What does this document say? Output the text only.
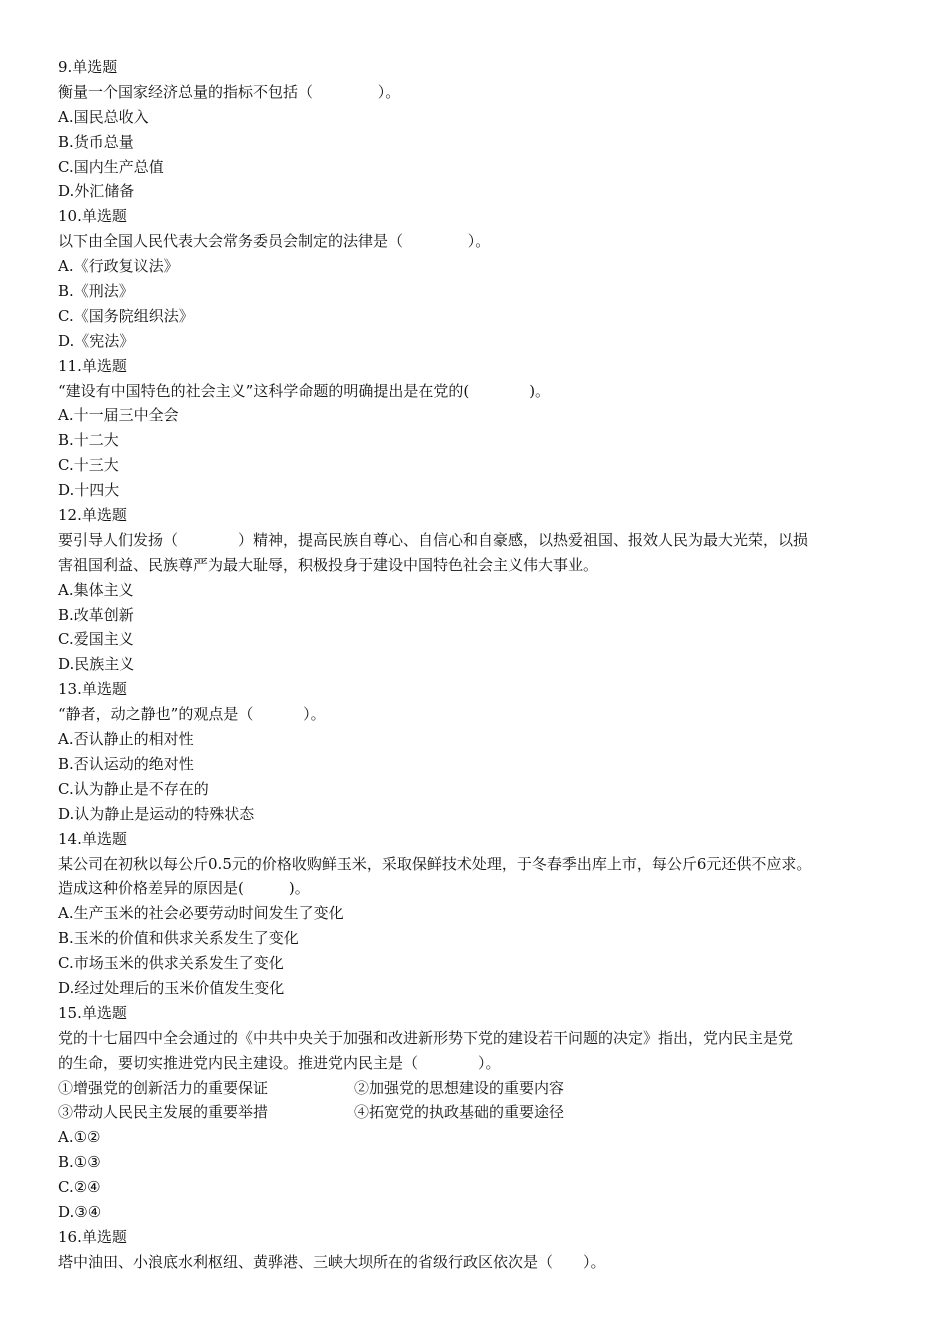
9.单选题
衡量一个国家经济总量的指标不包括（ 　　　　）。
A.国民总收入
B.货币总量
C.国内生产总值
D.外汇储备
10.单选题
以下由全国人民代表大会常务委员会制定的法律是（ 　　　　）。
A.《行政复议法》
B.《刑法》
C.《国务院组织法》
D.《宪法》
11.单选题
“建设有中国特色的社会主义”这科学命题的明确提出是在党的(　　　　)。
A.十一届三中全会
B.十二大
C.十三大
D.十四大
12.单选题
要引导人们发扬（　　　　）精神，提高民族自尊心、自信心和自豪感，以热爱祖国、报效人民为最大光荣，以损
害祖国利益、民族尊严为最大耻辱，积极投身于建设中国特色社会主义伟大事业。
A.集体主义
B.改革创新
C.爱国主义
D.民族主义
13.单选题
“静者，动之静也”的观点是（ 　　　）。
A.否认静止的相对性
B.否认运动的绝对性
C.认为静止是不存在的
D.认为静止是运动的特殊状态
14.单选题
某公司在初秋以每公斤0.5元的价格收购鲜玉米，采取保鲜技术处理，于冬春季出库上市，每公斤6元还供不应求。
造成这种价格差异的原因是(　　　)。
A.生产玉米的社会必要劳动时间发生了变化
B.玉米的价值和供求关系发生了变化
C.市场玉米的供求关系发生了变化
D.经过处理后的玉米价值发生变化
15.单选题
党的十七届四中全会通过的《中共中央关于加强和改进新形势下党的建设若干问题的决定》指出，党内民主是党
的生命，要切实推进党内民主建设。推进党内民主是（　　　　）。
①增强党的创新活力的重要保证	②加强党的思想建设的重要内容
③带动人民民主发展的重要举措	④拓宽党的执政基础的重要途径
A.①②
B.①③
C.②④
D.③④
16.单选题
塔中油田、小浪底水利枢纽、黄骅港、三峡大坝所在的省级行政区依次是（　　）。
